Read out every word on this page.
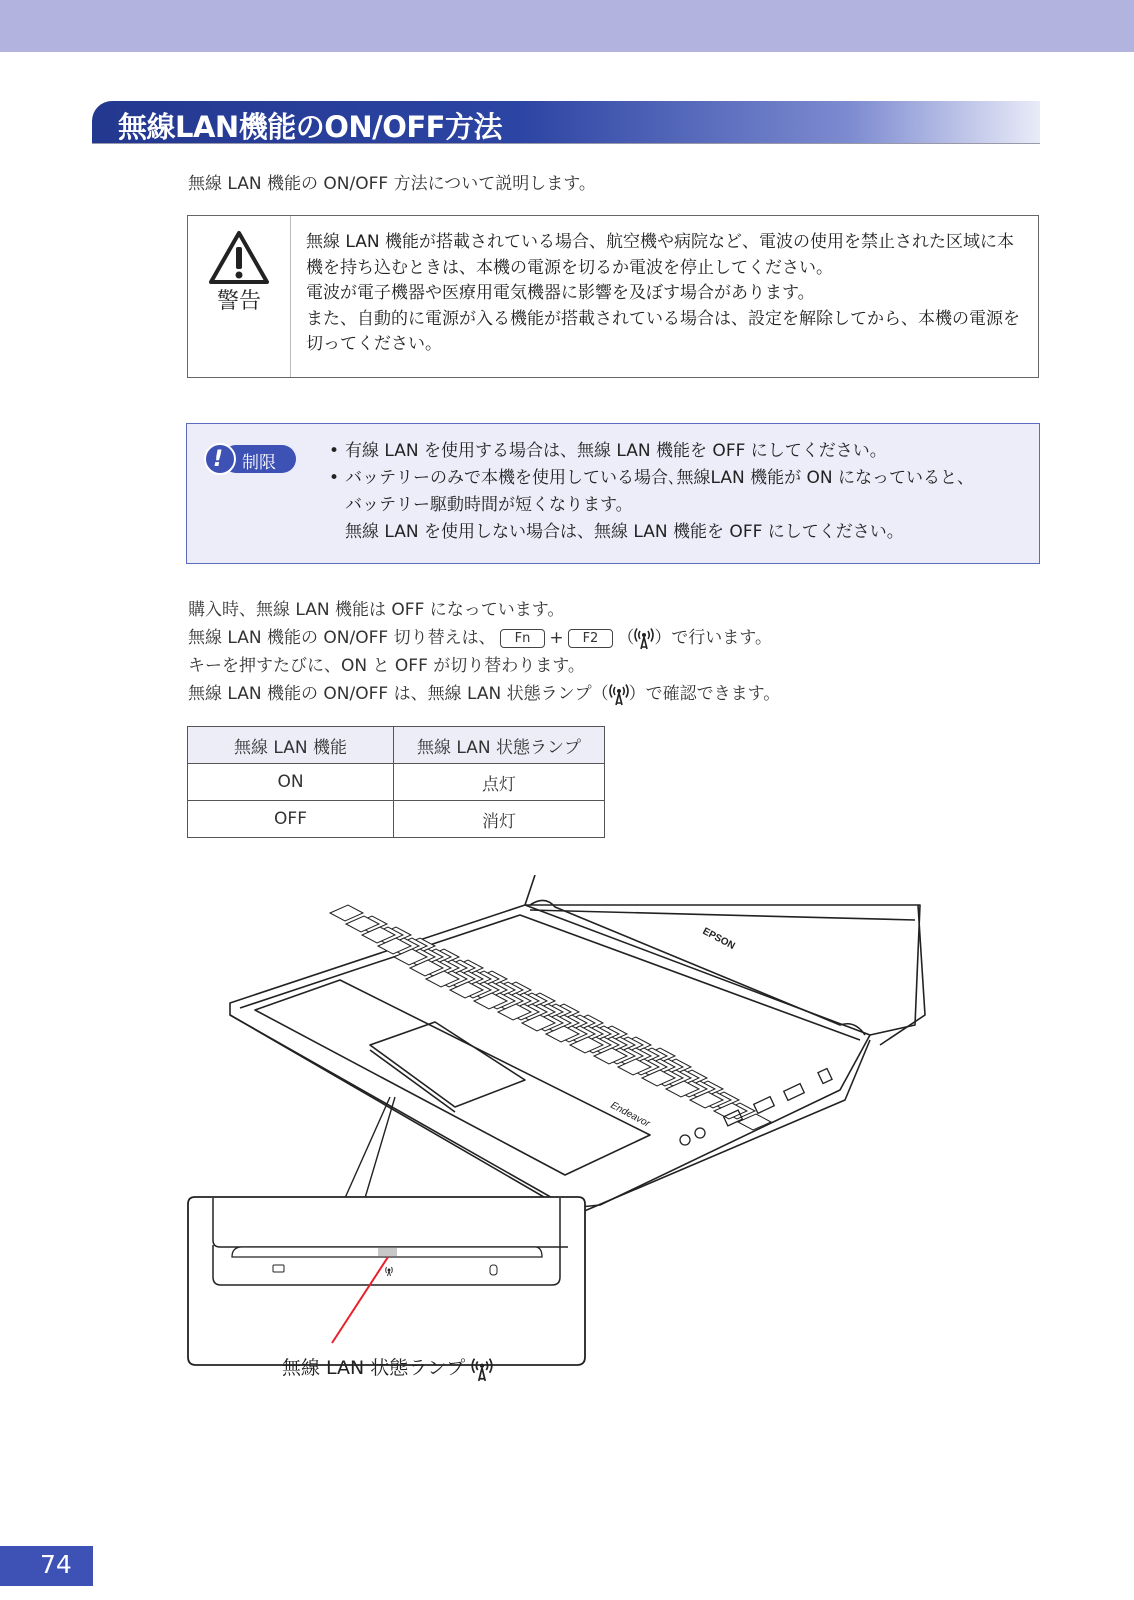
無線LAN機能のON/OFF方法
無線 LAN 機能の ON/OFF 方法について説明します。
警告

無線 LAN 機能が搭載されている場合、航空機や病院など、電波の使用を禁止された区域に本機を持ち込むときは、本機の電源を切るか電波を停止してください。

電波が電子機器や医療用電気機器に影響を及ぼす場合があります。

また、自動的に電源が入る機能が搭載されている場合は、設定を解除してから、本機の電源を切ってください。

! 制限
• 有線 LAN を使用する場合は、無線 LAN 機能を OFF にしてください。
• バッテリーのみで本機を使用している場合､無線LAN 機能が ON になっていると、
バッテリー駆動時間が短くなります。
無線 LAN を使用しない場合は、無線 LAN 機能を OFF にしてください。
購入時、無線 LAN 機能は OFF になっています。
無線 LAN 機能の ON/OFF 切り替えは、 Fn + F2 （ ）で行います。
キーを押すたびに、ON と OFF が切り替わります。
無線 LAN 機能の ON/OFF は、無線 LAN 状態ランプ（ ）で確認できます。
無線 LAN 機能	無線 LAN 状態ランプ
ON	点灯
OFF	消灯
EPSON
Endeavor
無線 LAN 状態ランプ
74
